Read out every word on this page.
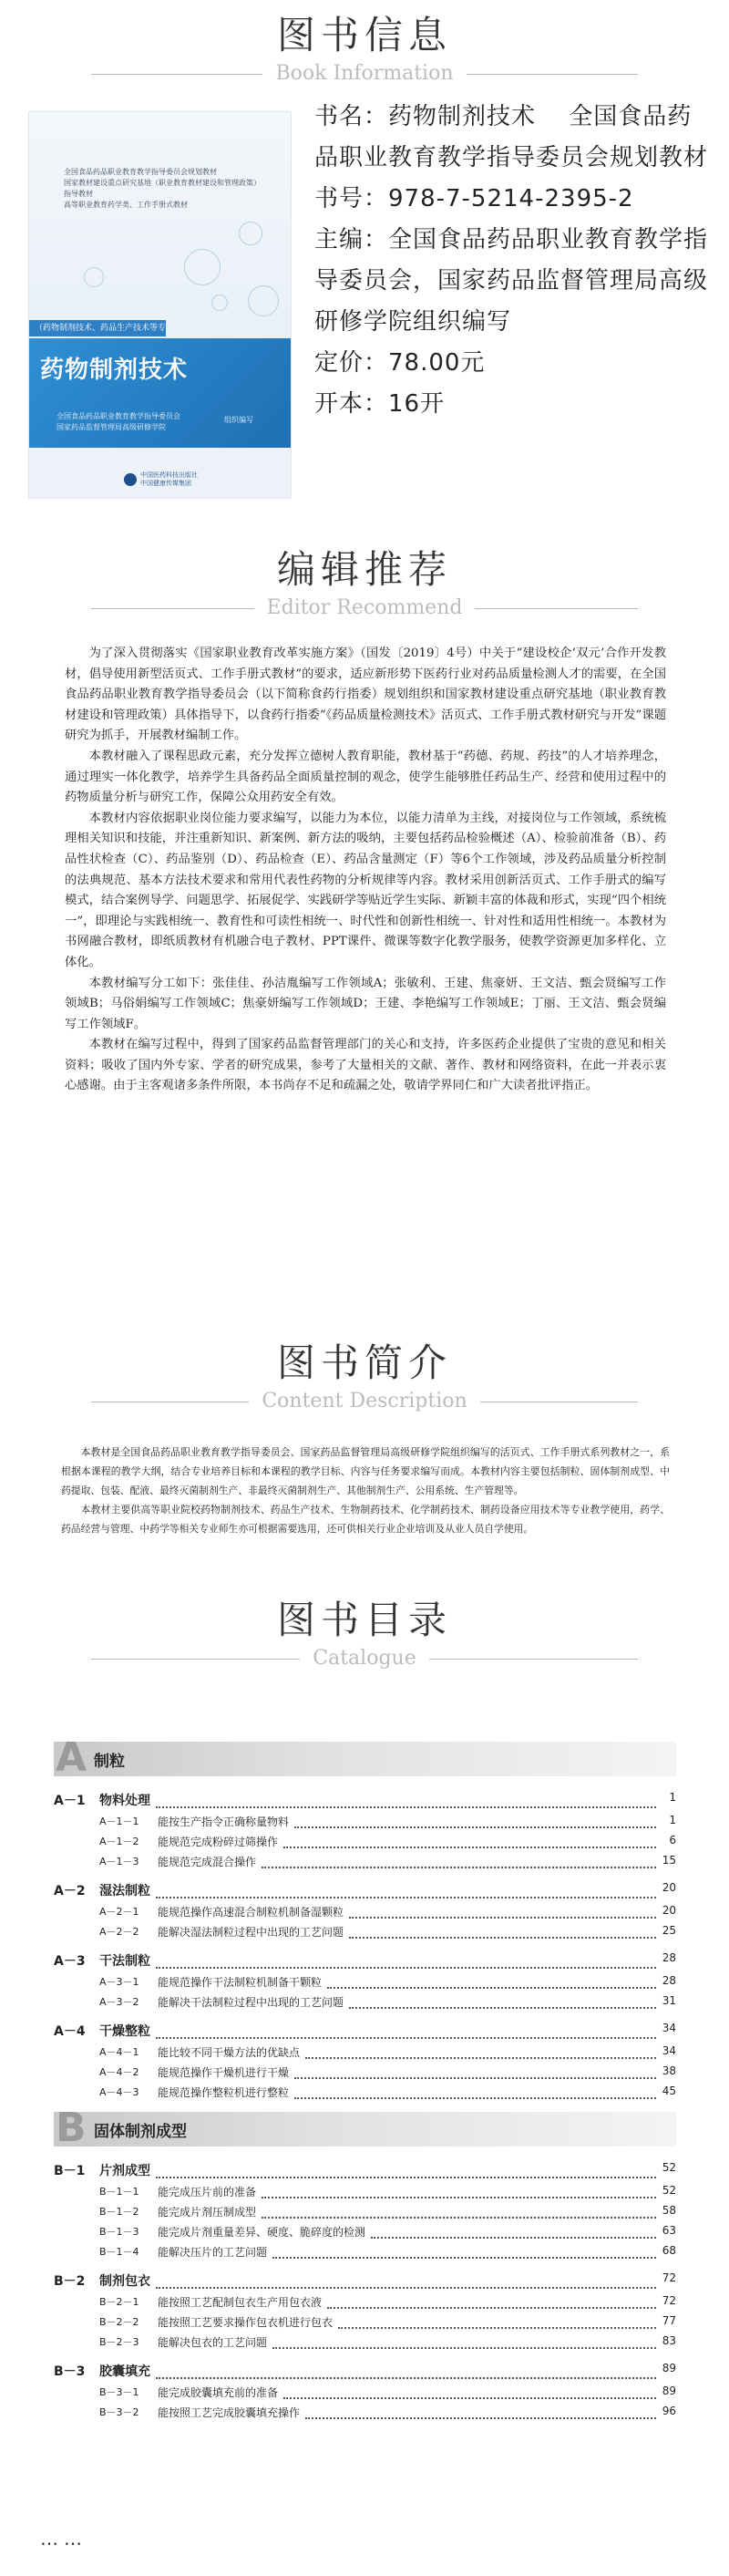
图书信息
Book Information
全国食品药品职业教育教学指导委员会规划教材
国家教材建设重点研究基地（职业教育教材建设和管理政策）指导教材
高等职业教育药学类、工作手册式教材
（药物制剂技术、药品生产技术等专
药物制剂技术
全国食品药品职业教育教学指导委员会
国家药品监督管理局高级研修学院
组织编写
中国医药科技出版社
中国健康传媒集团

书名：药物制剂技术　 全国食品药品职业教育教学指导委员会规划教材

书号：978-7-5214-2395-2

主编：全国食品药品职业教育教学指导委员会，国家药品监督管理局高级研修学院组织编写

定价：78.00元

开本：16开

编辑推荐
Editor Recommend

为了深入贯彻落实《国家职业教育改革实施方案》（国发〔2019〕4号）中关于“建设校企‘双元’合作开发教材，倡导使用新型活页式、工作手册式教材”的要求，适应新形势下医药行业对药品质量检测人才的需要，在全国食品药品职业教育教学指导委员会（以下简称食药行指委）规划组织和国家教材建设重点研究基地（职业教育教材建设和管理政策）具体指导下，以食药行指委“《药品质量检测技术》活页式、工作手册式教材研究与开发”课题研究为抓手，开展教材编制工作。

本教材融入了课程思政元素，充分发挥立德树人教育职能，教材基于“药德、药规、药技”的人才培养理念，通过理实一体化教学，培养学生具备药品全面质量控制的观念，使学生能够胜任药品生产、经营和使用过程中的药物质量分析与研究工作，保障公众用药安全有效。

本教材内容依据职业岗位能力要求编写，以能力为本位，以能力清单为主线，对接岗位与工作领域，系统梳理相关知识和技能，并注重新知识、新案例、新方法的吸纳，主要包括药品检验概述（A）、检验前准备（B）、药品性状检查（C）、药品鉴别（D）、药品检查（E）、药品含量测定（F）等6个工作领域，涉及药品质量分析控制的法典规范、基本方法技术要求和常用代表性药物的分析规律等内容。教材采用创新活页式、工作手册式的编写模式，结合案例导学、问题思学、拓展促学、实践研学等贴近学生实际、新颖丰富的体裁和形式，实现“四个相统一”，即理论与实践相统一、教育性和可读性相统一、时代性和创新性相统一、针对性和适用性相统一。本教材为书网融合教材，即纸质教材有机融合电子教材、PPT课件、微课等数字化教学服务，使教学资源更加多样化、立体化。

本教材编写分工如下：张佳佳、孙洁胤编写工作领域A；张敏利、王建、焦豪妍、王文洁、甄会贤编写工作领域B；马俗娟编写工作领域C；焦豪妍编写工作领域D；王建、李艳编写工作领域E；丁丽、王文洁、甄会贤编写工作领域F。

本教材在编写过程中，得到了国家药品监督管理部门的关心和支持，许多医药企业提供了宝贵的意见和相关资料；吸收了国内外专家、学者的研究成果，参考了大量相关的文献、著作、教材和网络资料，在此一并表示衷心感谢。由于主客观诸多条件所限，本书尚存不足和疏漏之处，敬请学界同仁和广大读者批评指正。

图书简介
Content Description

本教材是全国食品药品职业教育教学指导委员会、国家药品监督管理局高级研修学院组织编写的活页式、工作手册式系列教材之一，系根据本课程的教学大纲，结合专业培养目标和本课程的教学目标、内容与任务要求编写而成。本教材内容主要包括制粒、固体制剂成型、中药提取、包装、配液、最终灭菌制剂生产、非最终灭菌制剂生产、其他制剂生产、公用系统、生产管理等。

本教材主要供高等职业院校药物制剂技术、药品生产技术、生物制药技术、化学制药技术、制药设备应用技术等专业教学使用，药学、药品经营与管理、中药学等相关专业师生亦可根据需要选用，还可供相关行业企业培训及从业人员自学使用。

图书目录
Catalogue
A 制粒
A－1	物料处理	1
A－1－1	能按生产指令正确称量物料	1
A－1－2	能规范完成粉碎过筛操作	6
A－1－3	能规范完成混合操作	15
A－2	湿法制粒	20
A－2－1	能规范操作高速混合制粒机制备湿颗粒	20
A－2－2	能解决湿法制粒过程中出现的工艺问题	25
A－3	干法制粒	28
A－3－1	能规范操作干法制粒机制备干颗粒	28
A－3－2	能解决干法制粒过程中出现的工艺问题	31
A－4	干燥整粒	34
A－4－1	能比较不同干燥方法的优缺点	34
A－4－2	能规范操作干燥机进行干燥	38
A－4－3	能规范操作整粒机进行整粒	45
B 固体制剂成型
B－1	片剂成型	52
B－1－1	能完成压片前的准备	52
B－1－2	能完成片剂压制成型	58
B－1－3	能完成片剂重量差异、硬度、脆碎度的检测	63
B－1－4	能解决压片的工艺问题	68
B－2	制剂包衣	72
B－2－1	能按照工艺配制包衣生产用包衣液	72
B－2－2	能按照工艺要求操作包衣机进行包衣	77
B－2－3	能解决包衣的工艺问题	83
B－3	胶囊填充	89
B－3－1	能完成胶囊填充前的准备	89
B－3－2	能按照工艺完成胶囊填充操作	96
……
